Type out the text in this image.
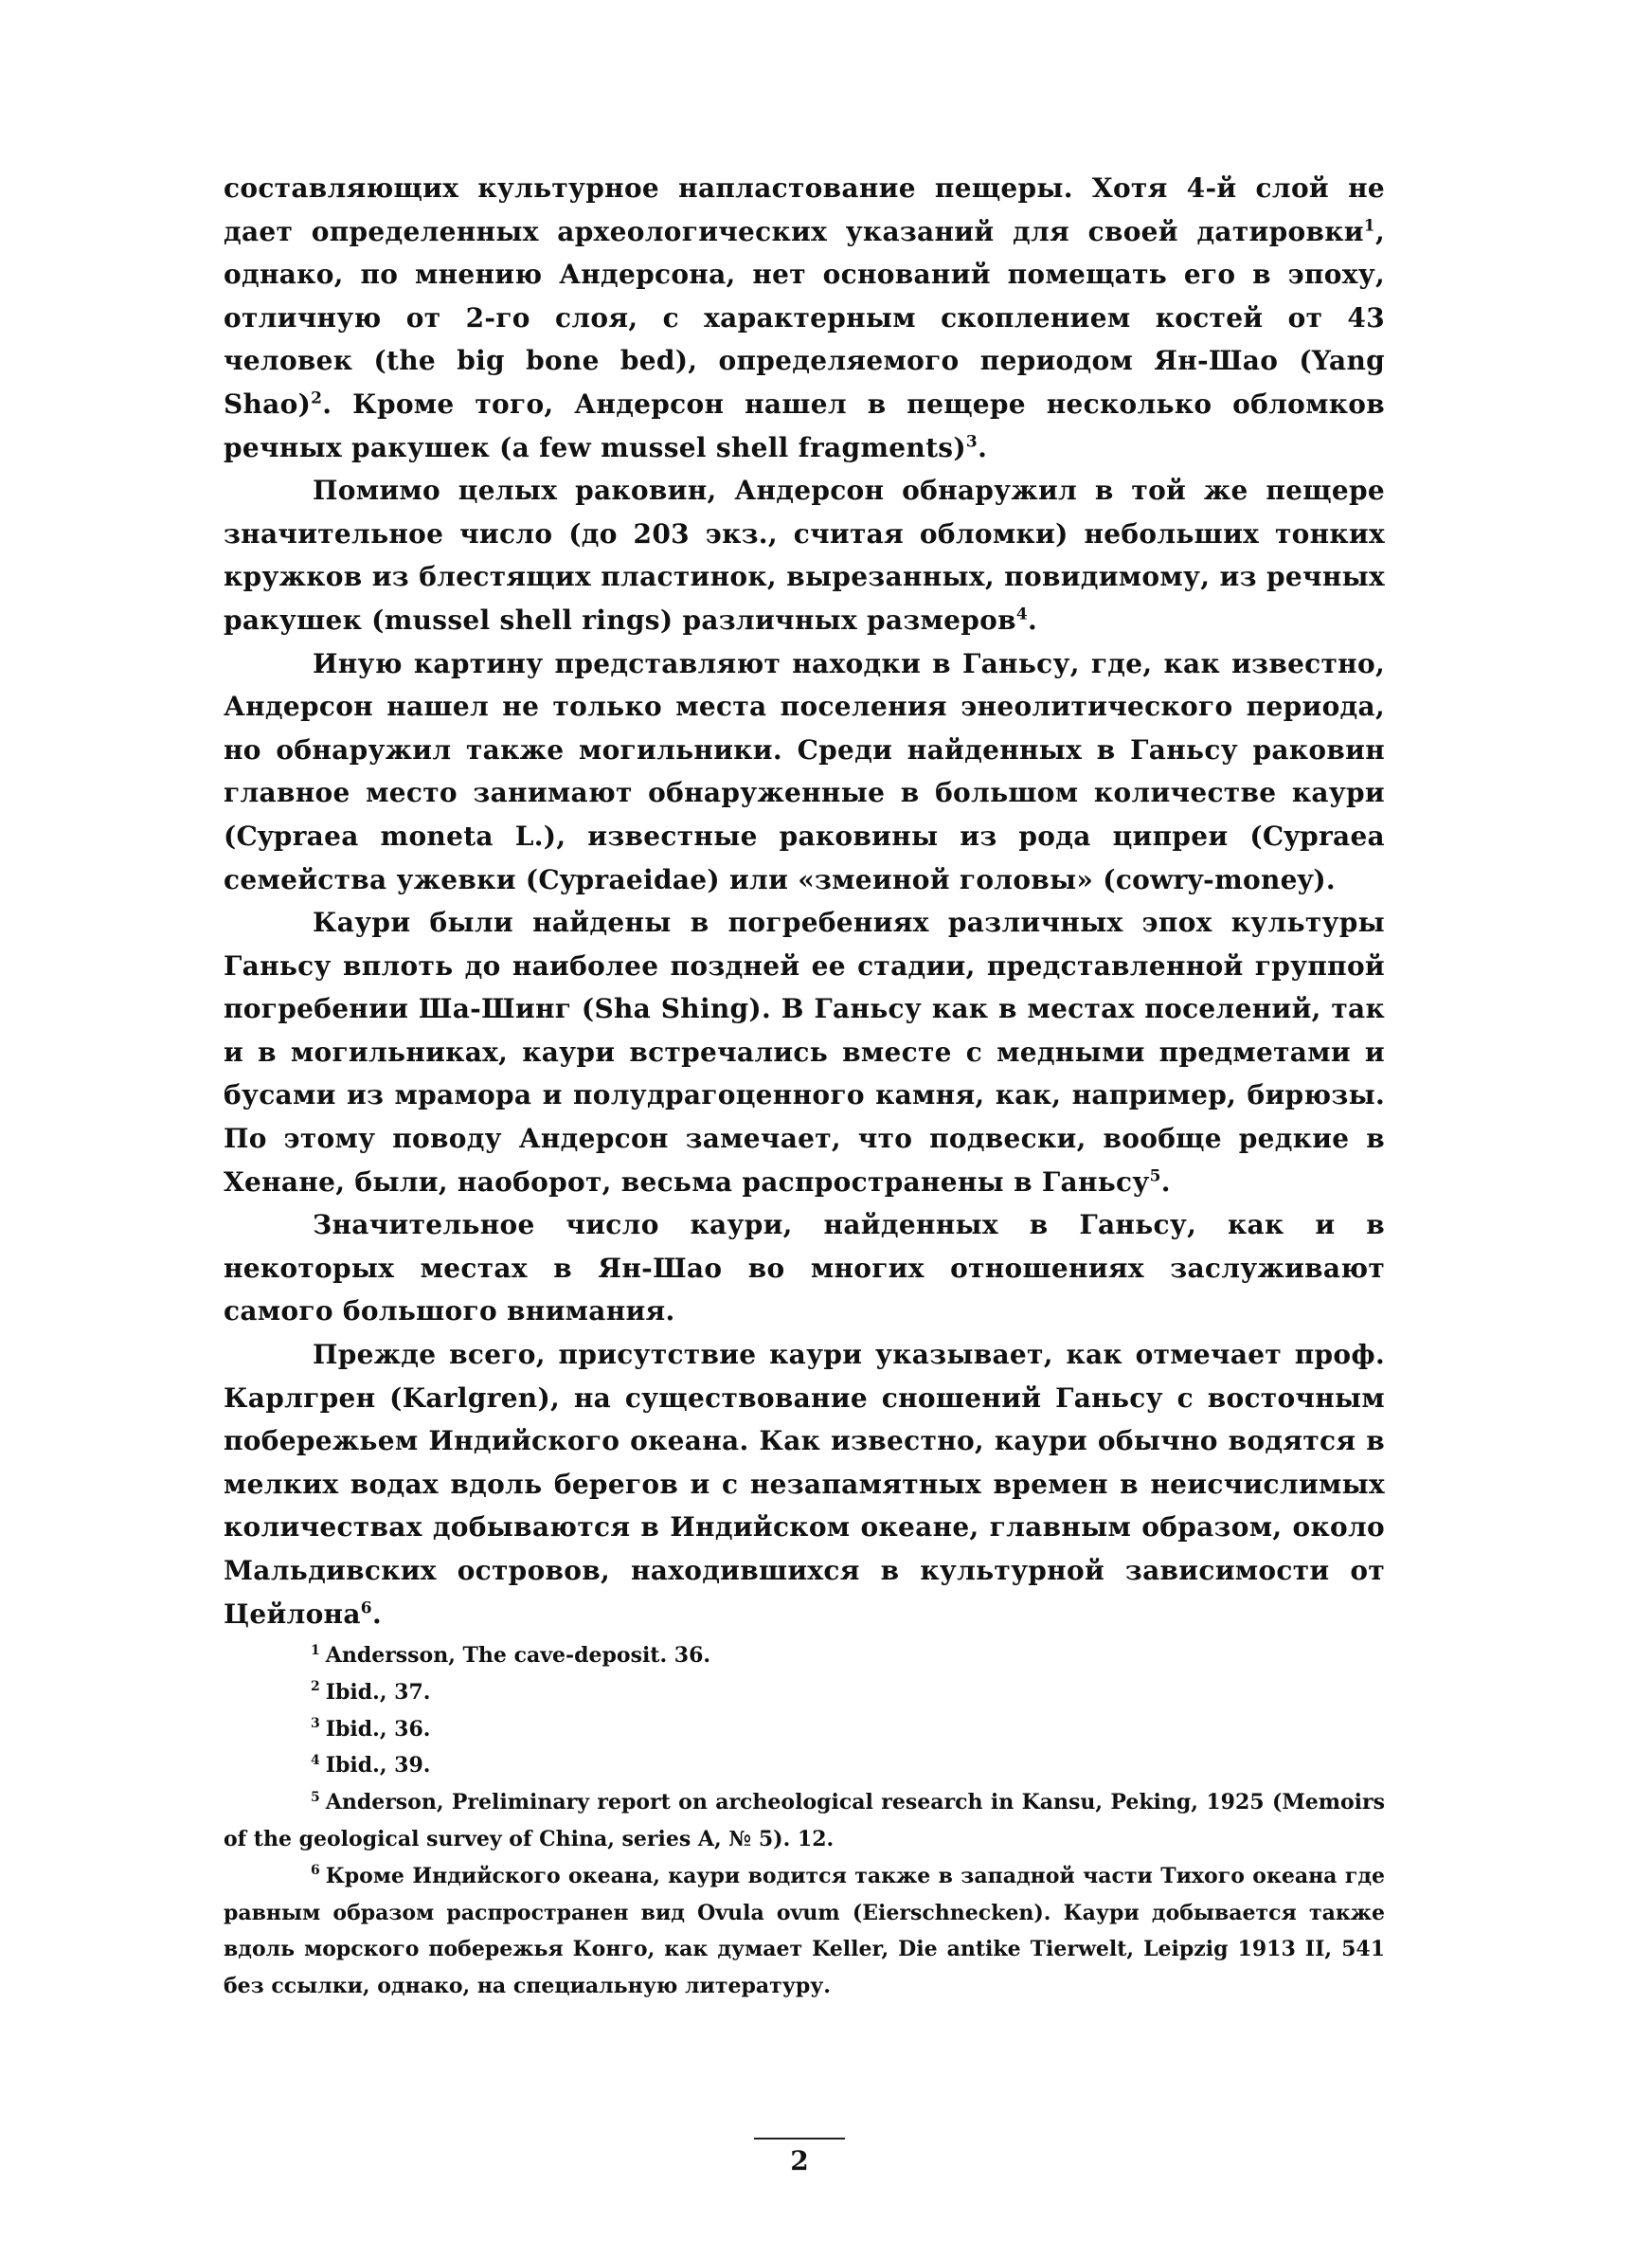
составляющих культурное напластование пещеры. Хотя 4-й слой не дает определенных археологических указаний для своей датировки$^1$, однако, по мнению Андерсона, нет оснований помещать его в эпоху, отличную от 2-го слоя, с характерным скоплением костей от 43 человек (the big bone bed), определяемого периодом Ян-Шао (Yang Shao)$^2$. Кроме того, Андерсон нашел в пещере несколько обломков речных ракушек (a few mussel shell fragments)$^3$.

Помимо целых раковин, Андерсон обнаружил в той же пещере значительное число (до 203 экз., считая обломки) небольших тонких кружков из блестящих пластинок, вырезанных, повидимому, из речных ракушек (mussel shell rings) различных размеров$^4$.

Иную картину представляют находки в Ганьсу, где, как известно, Андерсон нашел не только места поселения энеолитического периода, но обнаружил также могильники. Среди найденных в Ганьсу раковин главное место занимают обнаруженные в большом количестве каури (Cypraea moneta L.), известные раковины из рода ципреи (Cypraea семейства ужевки (Cypraeidae) или «змеиной головы» (cowry-money).

Каури были найдены в погребениях различных эпох культуры Ганьсу вплоть до наиболее поздней ее стадии, представленной группой погребении Ша-Шинг (Sha Shing). В Ганьсу как в местах поселений, так и в могильниках, каури встречались вместе с медными предметами и бусами из мрамора и полудрагоценного камня, как, например, бирюзы. По этому поводу Андерсон замечает, что подвески, вообще редкие в Хенане, были, наоборот, весьма распространены в Ганьсу$^5$.

Значительное число каури, найденных в Ганьсу, как и в некоторых местах в Ян-Шао во многих отношениях заслуживают самого большого внимания.

Прежде всего, присутствие каури указывает, как отмечает проф. Карлгрен (Karlgren), на существование сношений Ганьсу с восточным побережьем Индийского океана. Как известно, каури обычно водятся в мелких водах вдоль берегов и с незапамятных времен в неисчислимых количествах добываются в Индийском океане, главным образом, около Мальдивских островов, находившихся в культурной зависимости от Цейлона$^6$.

$^1$ Andersson, The cave-deposit. 36.

$^2$ Ibid., 37.

$^3$ Ibid., 36.

$^4$ Ibid., 39.

$^5$ Anderson, Preliminary report on archeological research in Kansu, Peking, 1925 (Memoirs of the geological survey of China, series A, № 5). 12.

$^6$ Кроме Индийского океана, каури водится также в западной части Тихого океана где равным образом распространен вид Ovula ovum (Eierschnecken). Каури добывается также вдоль морского побережья Конго, как думает Keller, Die antike Tierwelt, Leipzig 1913 II, 541 без ссылки, однако, на специальную литературу.

2
